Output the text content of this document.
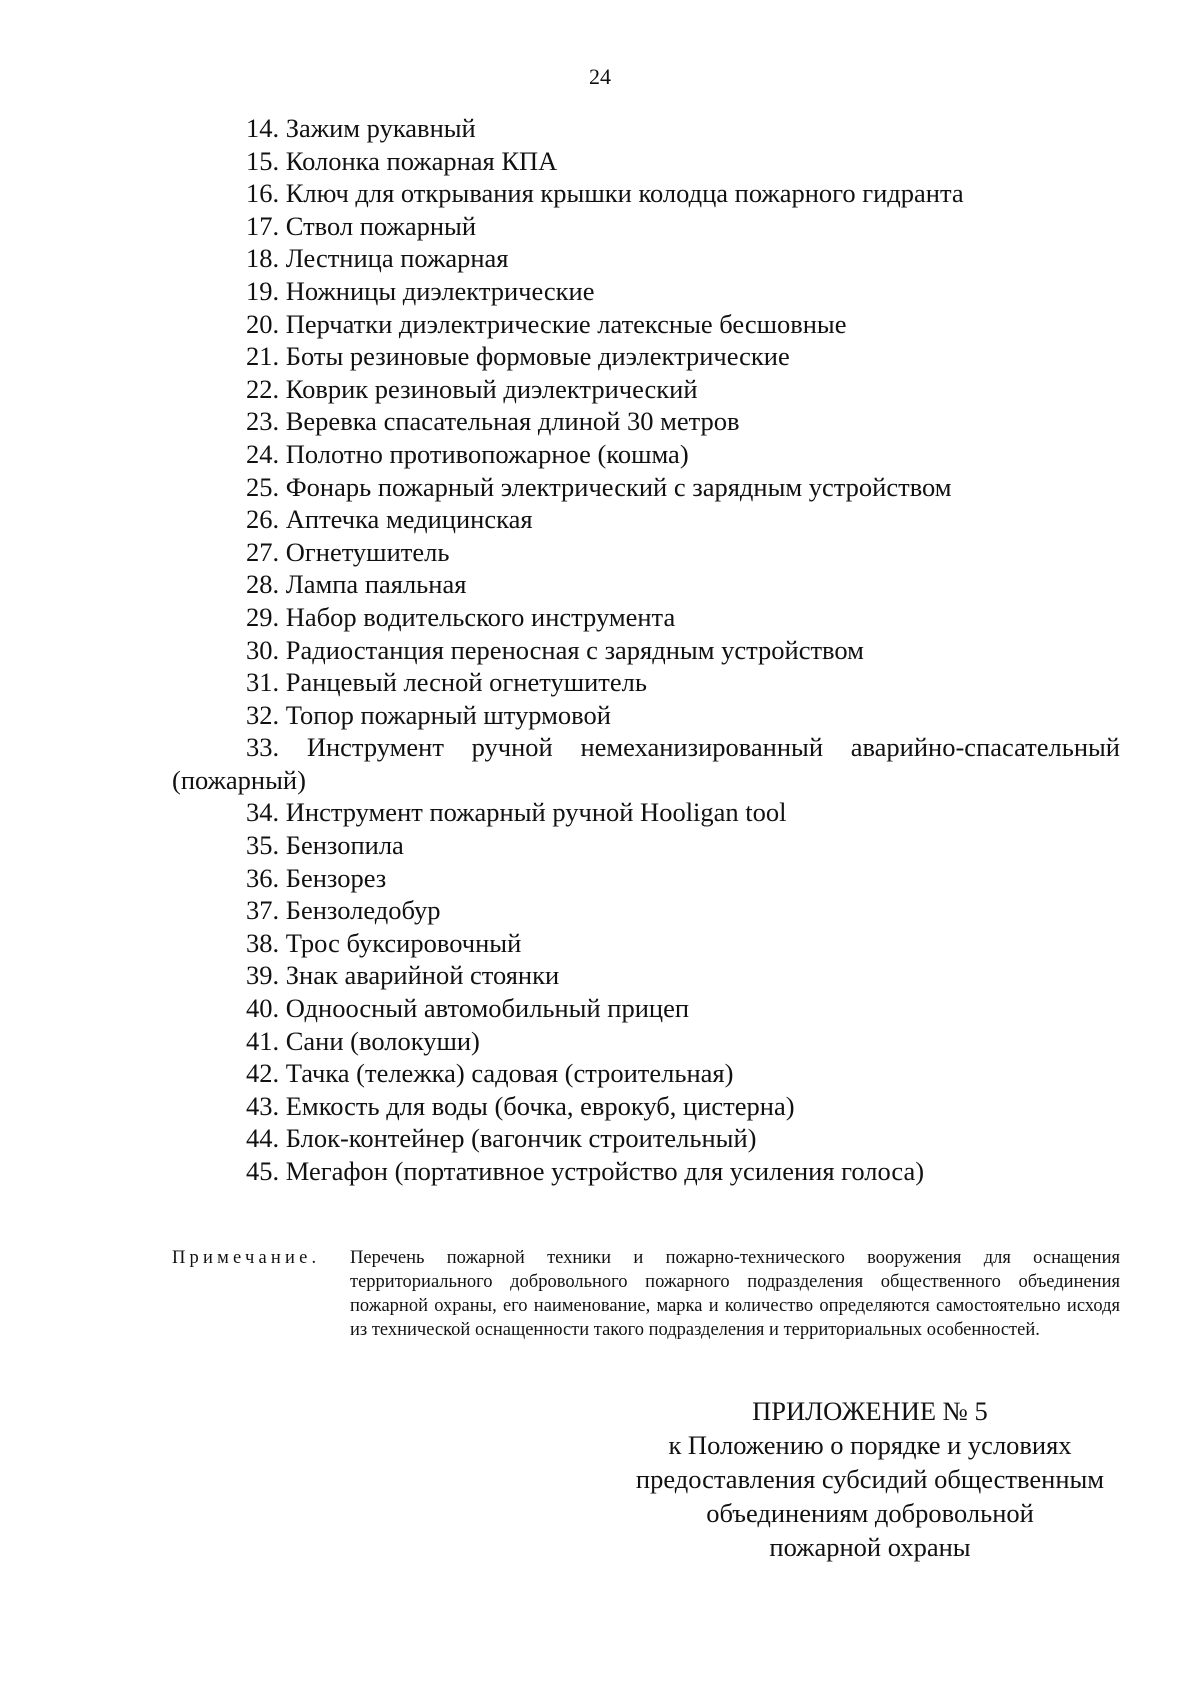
24
14. Зажим рукавный
15. Колонка пожарная КПА
16. Ключ для открывания крышки колодца пожарного гидранта
17. Ствол пожарный
18. Лестница пожарная
19. Ножницы диэлектрические
20. Перчатки диэлектрические латексные бесшовные
21. Боты резиновые формовые диэлектрические
22. Коврик резиновый диэлектрический
23. Веревка спасательная длиной 30 метров
24. Полотно противопожарное (кошма)
25. Фонарь пожарный электрический с зарядным устройством
26. Аптечка медицинская
27. Огнетушитель
28. Лампа паяльная
29. Набор водительского инструмента
30. Радиостанция переносная с зарядным устройством
31. Ранцевый лесной огнетушитель
32. Топор пожарный штурмовой
33. Инструмент ручной немеханизированный аварийно-спасательный (пожарный)
34. Инструмент пожарный ручной Hooligan tool
35. Бензопила
36. Бензорез
37. Бензоледобур
38. Трос буксировочный
39. Знак аварийной стоянки
40. Одноосный автомобильный прицеп
41. Сани (волокуши)
42. Тачка (тележка) садовая (строительная)
43. Емкость для воды (бочка, еврокуб, цистерна)
44. Блок-контейнер (вагончик строительный)
45. Мегафон (портативное устройство для усиления голоса)
Примечание. Перечень пожарной техники и пожарно-технического вооружения для оснащения территориального добровольного пожарного подразделения общественного объединения пожарной охраны, его наименование, марка и количество определяются самостоятельно исходя из технической оснащенности такого подразделения и территориальных особенностей.
ПРИЛОЖЕНИЕ № 5
к Положению о порядке и условиях
предоставления субсидий общественным
объединениям добровольной
пожарной охраны
